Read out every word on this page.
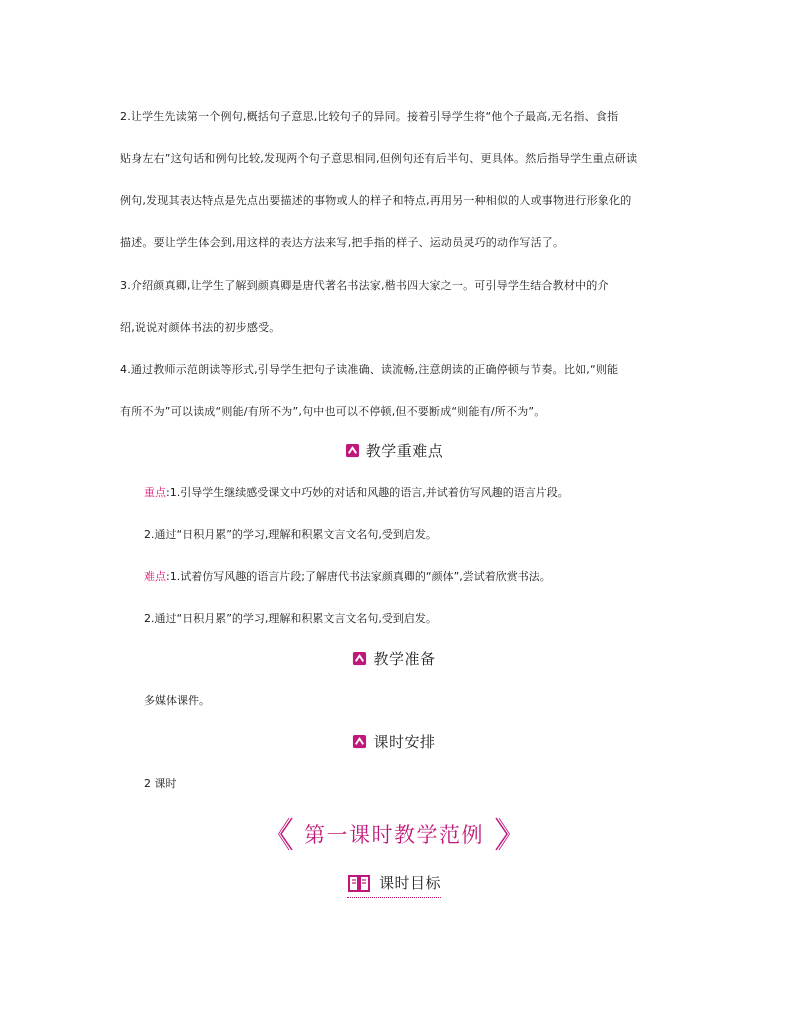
2.让学生先读第一个例句,概括句子意思,比较句子的异同。接着引导学生将“他个子最高,无名指、食指
贴身左右”这句话和例句比较,发现两个句子意思相同,但例句还有后半句、更具体。然后指导学生重点研读
例句,发现其表达特点是先点出要描述的事物或人的样子和特点,再用另一种相似的人或事物进行形象化的
描述。要让学生体会到,用这样的表达方法来写,把手指的样子、运动员灵巧的动作写活了。
3.介绍颜真卿,让学生了解到颜真卿是唐代著名书法家,楷书四大家之一。可引导学生结合教材中的介
绍,说说对颜体书法的初步感受。
4.通过教师示范朗读等形式,引导学生把句子读准确、读流畅,注意朗读的正确停顿与节奏。比如,“则能
有所不为”可以读成“则能/有所不为”,句中也可以不停顿,但不要断成“则能有/所不为”。
教学重难点
重点:1.引导学生继续感受课文中巧妙的对话和风趣的语言,并试着仿写风趣的语言片段。
2.通过“日积月累”的学习,理解和积累文言文名句,受到启发。
难点:1.试着仿写风趣的语言片段;了解唐代书法家颜真卿的“颜体”,尝试着欣赏书法。
2.通过“日积月累”的学习,理解和积累文言文名句,受到启发。
教学准备
多媒体课件。
课时安排
2 课时
第一课时教学范例
课时目标
